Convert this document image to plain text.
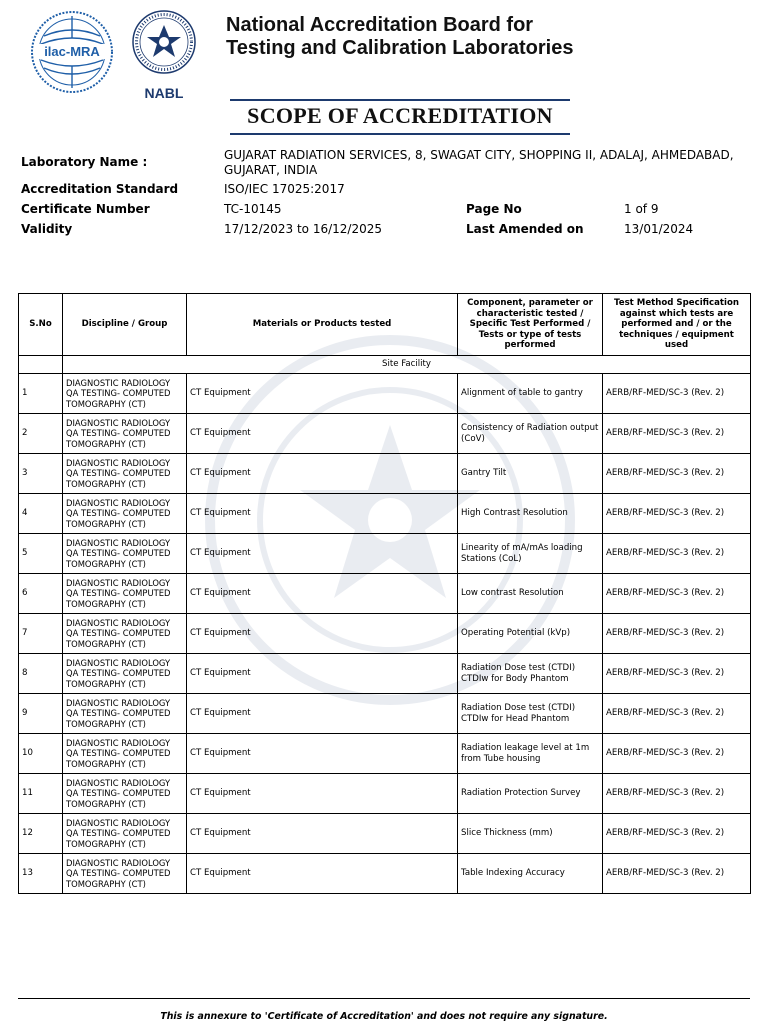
ilac-MRA
NABL
National Accreditation Board for
Testing and Calibration Laboratories
SCOPE OF ACCREDITATION
Laboratory Name :	GUJARAT RADIATION SERVICES, 8, SWAGAT CITY, SHOPPING II, ADALAJ, AHMEDABAD,
GUJARAT, INDIA
Accreditation Standard	ISO/IEC 17025:2017
Certificate Number	TC-10145	Page No	1 of 9
Validity	17/12/2023 to 16/12/2025	Last Amended on	13/01/2024
S.No	Discipline / Group	Materials or Products tested	Component, parameter or characteristic tested / Specific Test Performed / Tests or type of tests performed	Test Method Specification against which tests are performed and / or the techniques / equipment used
	Site Facility			
1	DIAGNOSTIC RADIOLOGY QA TESTING- COMPUTED TOMOGRAPHY (CT)	CT Equipment	Alignment of table to gantry	AERB/RF-MED/SC-3 (Rev. 2)
2	DIAGNOSTIC RADIOLOGY QA TESTING- COMPUTED TOMOGRAPHY (CT)	CT Equipment	Consistency of Radiation output (CoV)	AERB/RF-MED/SC-3 (Rev. 2)
3	DIAGNOSTIC RADIOLOGY QA TESTING- COMPUTED TOMOGRAPHY (CT)	CT Equipment	Gantry Tilt	AERB/RF-MED/SC-3 (Rev. 2)
4	DIAGNOSTIC RADIOLOGY QA TESTING- COMPUTED TOMOGRAPHY (CT)	CT Equipment	High Contrast Resolution	AERB/RF-MED/SC-3 (Rev. 2)
5	DIAGNOSTIC RADIOLOGY QA TESTING- COMPUTED TOMOGRAPHY (CT)	CT Equipment	Linearity of mA/mAs loading Stations (CoL)	AERB/RF-MED/SC-3 (Rev. 2)
6	DIAGNOSTIC RADIOLOGY QA TESTING- COMPUTED TOMOGRAPHY (CT)	CT Equipment	Low contrast Resolution	AERB/RF-MED/SC-3 (Rev. 2)
7	DIAGNOSTIC RADIOLOGY QA TESTING- COMPUTED TOMOGRAPHY (CT)	CT Equipment	Operating Potential (kVp)	AERB/RF-MED/SC-3 (Rev. 2)
8	DIAGNOSTIC RADIOLOGY QA TESTING- COMPUTED TOMOGRAPHY (CT)	CT Equipment	Radiation Dose test (CTDI) CTDIw for Body Phantom	AERB/RF-MED/SC-3 (Rev. 2)
9	DIAGNOSTIC RADIOLOGY QA TESTING- COMPUTED TOMOGRAPHY (CT)	CT Equipment	Radiation Dose test (CTDI) CTDIw for Head Phantom	AERB/RF-MED/SC-3 (Rev. 2)
10	DIAGNOSTIC RADIOLOGY QA TESTING- COMPUTED TOMOGRAPHY (CT)	CT Equipment	Radiation leakage level at 1m from Tube housing	AERB/RF-MED/SC-3 (Rev. 2)
11	DIAGNOSTIC RADIOLOGY QA TESTING- COMPUTED TOMOGRAPHY (CT)	CT Equipment	Radiation Protection Survey	AERB/RF-MED/SC-3 (Rev. 2)
12	DIAGNOSTIC RADIOLOGY QA TESTING- COMPUTED TOMOGRAPHY (CT)	CT Equipment	Slice Thickness (mm)	AERB/RF-MED/SC-3 (Rev. 2)
13	DIAGNOSTIC RADIOLOGY QA TESTING- COMPUTED TOMOGRAPHY (CT)	CT Equipment	Table Indexing Accuracy	AERB/RF-MED/SC-3 (Rev. 2)
This is annexure to 'Certificate of Accreditation' and does not require any signature.
